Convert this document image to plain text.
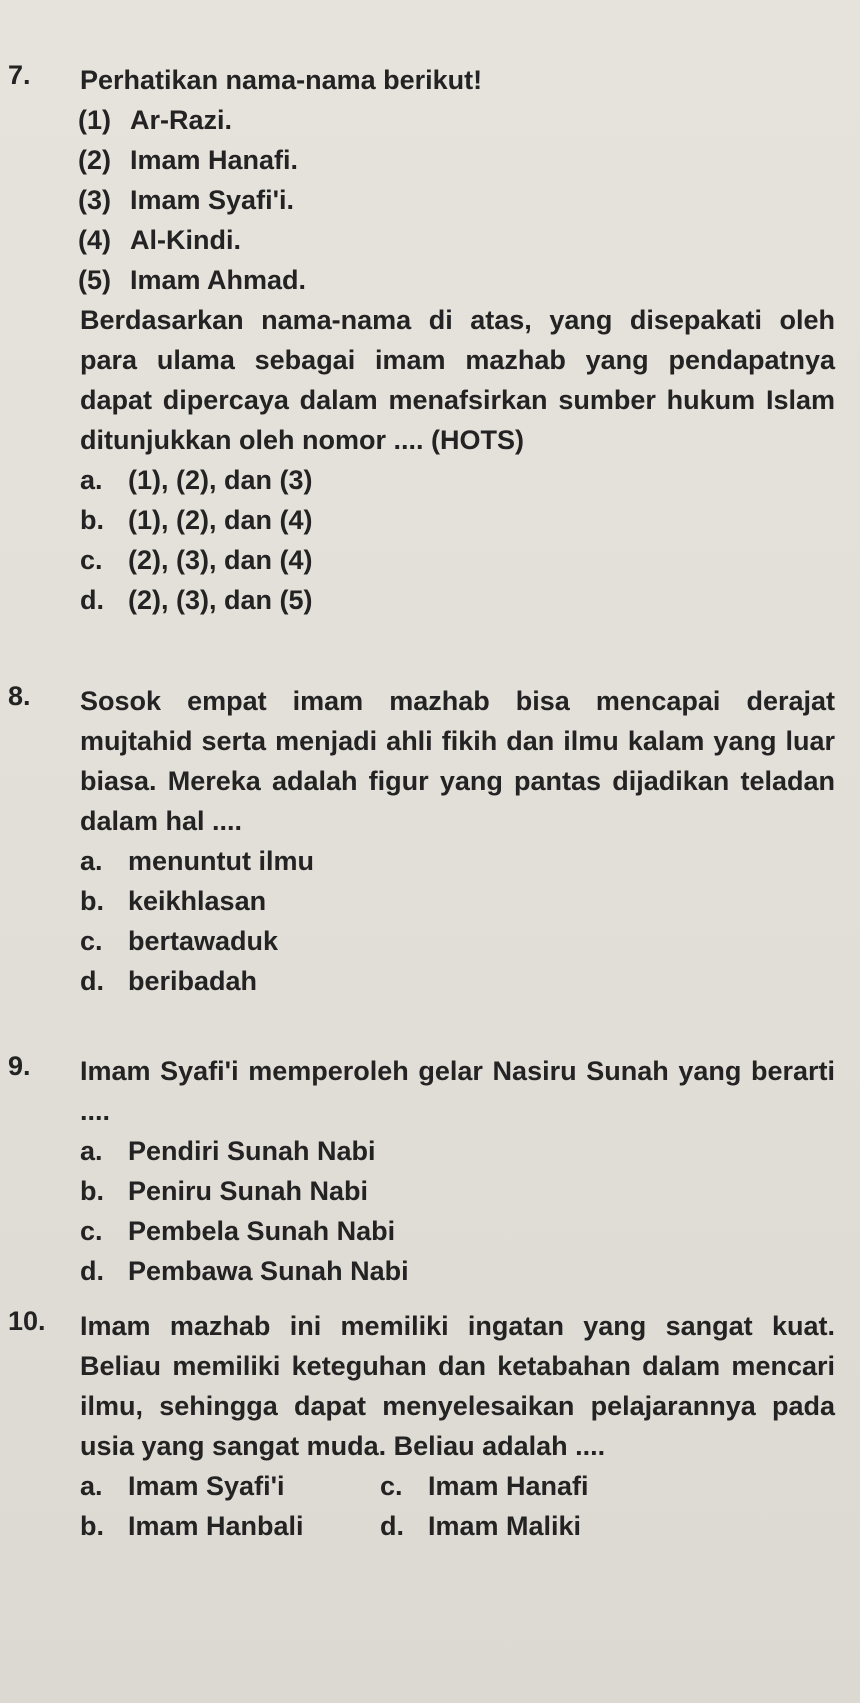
7. Perhatikan nama-nama berikut!
(1) Ar-Razi.
(2) Imam Hanafi.
(3) Imam Syafi'i.
(4) Al-Kindi.
(5) Imam Ahmad.
Berdasarkan nama-nama di atas, yang disepakati oleh para ulama sebagai imam mazhab yang pendapatnya dapat dipercaya dalam menafsirkan sumber hukum Islam ditunjukkan oleh nomor .... (HOTS)
a. (1), (2), dan (3)
b. (1), (2), dan (4)
c. (2), (3), dan (4)
d. (2), (3), dan (5)
8. Sosok empat imam mazhab bisa mencapai derajat mujtahid serta menjadi ahli fikih dan ilmu kalam yang luar biasa. Mereka adalah figur yang pantas dijadikan teladan dalam hal ....
a. menuntut ilmu
b. keikhlasan
c. bertawaduk
d. beribadah
9. Imam Syafi'i memperoleh gelar Nasiru Sunah yang berarti ....
a. Pendiri Sunah Nabi
b. Peniru Sunah Nabi
c. Pembela Sunah Nabi
d. Pembawa Sunah Nabi
10. Imam mazhab ini memiliki ingatan yang sangat kuat. Beliau memiliki keteguhan dan ketabahan dalam mencari ilmu, sehingga dapat menyelesaikan pelajarannya pada usia yang sangat muda. Beliau adalah ....
a. Imam Syafi'i	c. Imam Hanafi
b. Imam Hanbali	d. Imam Maliki
